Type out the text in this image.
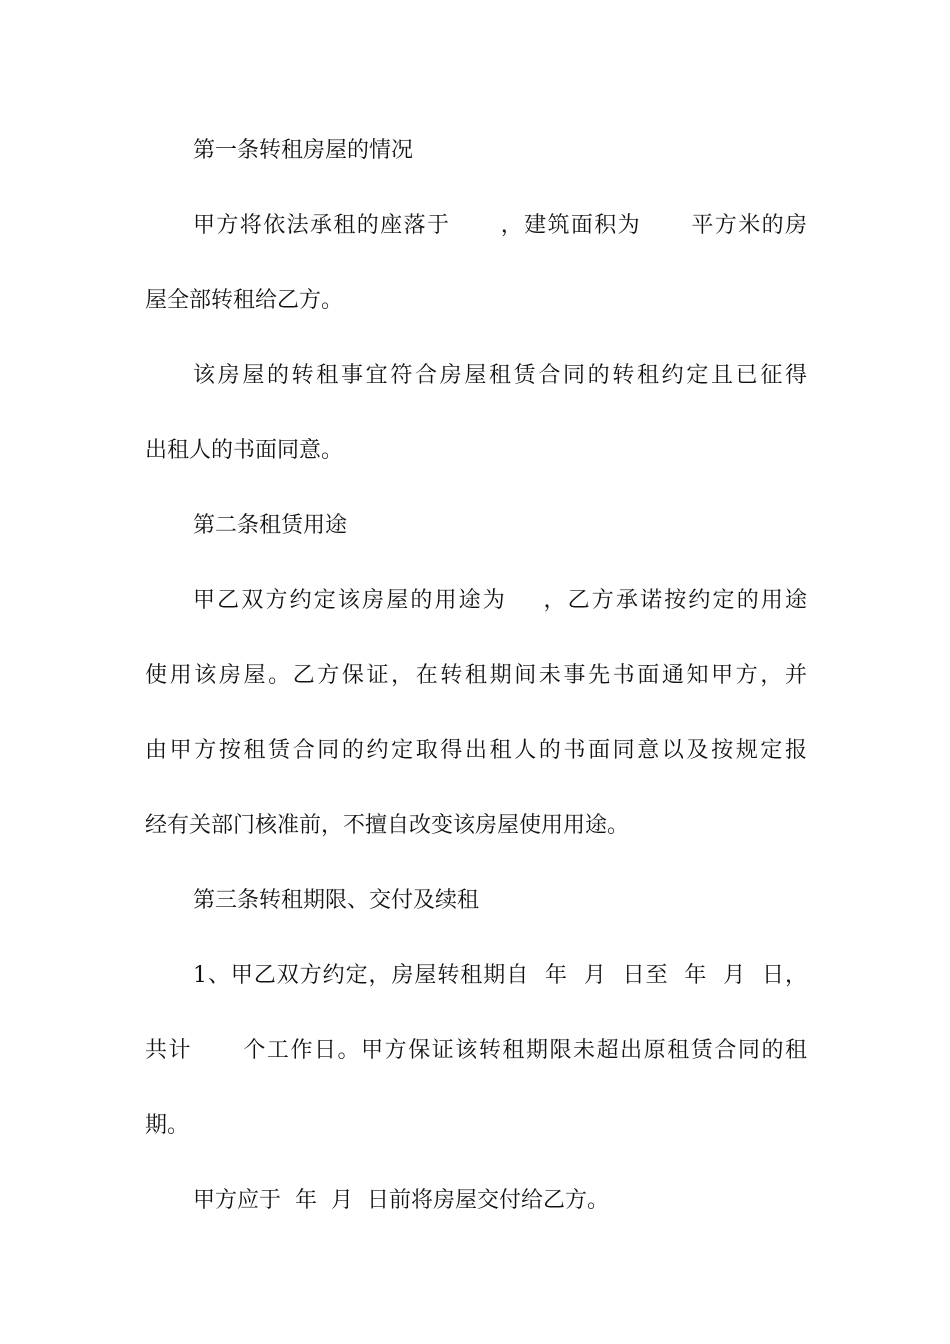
第一条转租房屋的情况
甲方将依法承租的座落于      ，建筑面积为      平方米的房
屋全部转租给乙方。
该房屋的转租事宜符合房屋租赁合同的转租约定且已征得
出租人的书面同意。
第二条租赁用途
甲乙双方约定该房屋的用途为    ，乙方承诺按约定的用途
使用该房屋。乙方保证，在转租期间未事先书面通知甲方，并
由甲方按租赁合同的约定取得出租人的书面同意以及按规定报
经有关部门核准前，不擅自改变该房屋使用用途。
第三条转租期限、交付及续租
1、甲乙双方约定，房屋转租期自  年  月  日至  年  月  日，
共计      个工作日。甲方保证该转租期限未超出原租赁合同的租
期。
甲方应于  年  月  日前将房屋交付给乙方。
